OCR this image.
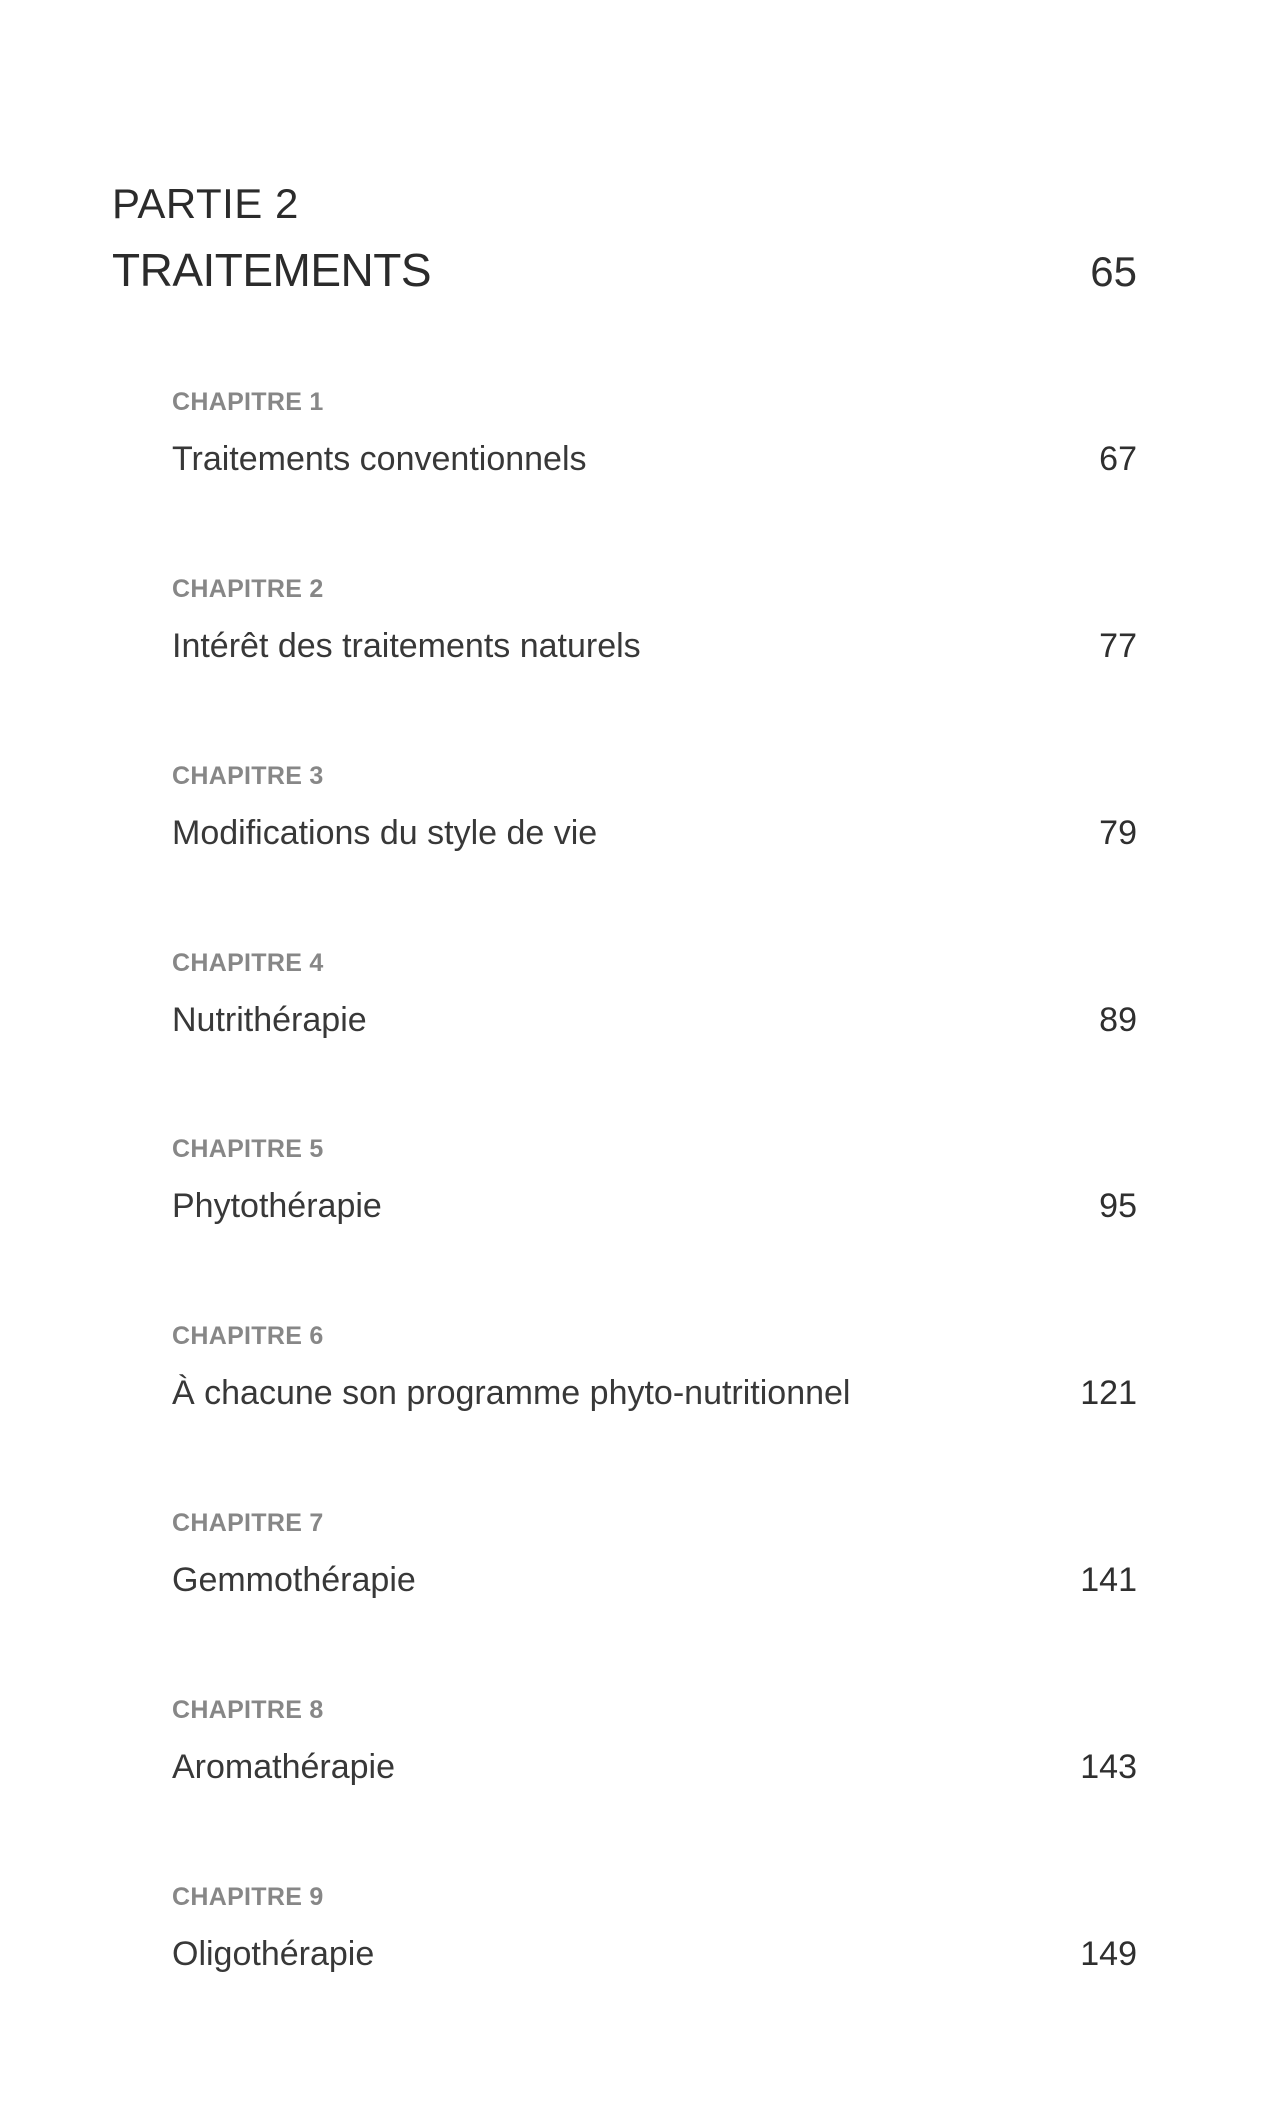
PARTIE 2
TRAITEMENTS	65
CHAPITRE 1
Traitements conventionnels	67
CHAPITRE 2
Intérêt des traitements naturels	77
CHAPITRE 3
Modifications du style de vie	79
CHAPITRE 4
Nutrithérapie	89
CHAPITRE 5
Phytothérapie	95
CHAPITRE 6
À chacune son programme phyto-nutritionnel	121
CHAPITRE 7
Gemmothérapie	141
CHAPITRE 8
Aromathérapie	143
CHAPITRE 9
Oligothérapie	149
